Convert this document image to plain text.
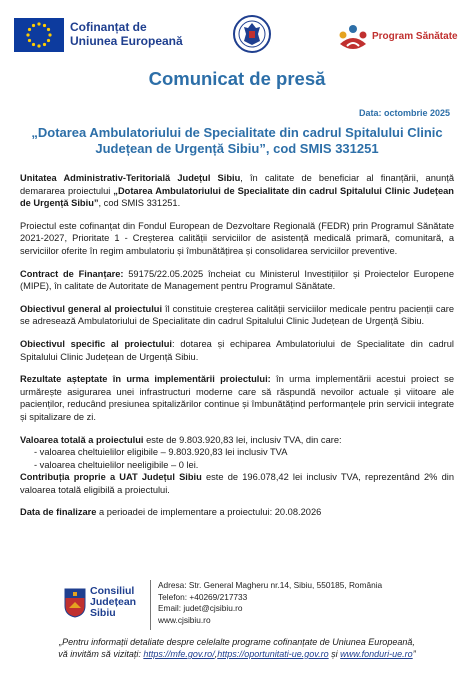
Cofinanțat de
Uniunea Europeană	Program Sănătate
Comunicat de presă
Data: octombrie 2025
„Dotarea Ambulatoriului de Specialitate din cadrul Spitalului Clinic Județean de Urgență Sibiu”, cod SMIS 331251

Unitatea Administrativ-Teritorială Județul Sibiu, în calitate de beneficiar al finanțării, anunță demararea proiectului „Dotarea Ambulatoriului de Specialitate din cadrul Spitalului Clinic Județean de Urgență Sibiu”, cod SMIS 331251.

Proiectul este cofinanțat din Fondul European de Dezvoltare Regională (FEDR) prin Programul Sănătate 2021-2027, Prioritate 1 - Creșterea calității serviciilor de asistență medicală primară, comunitară, a serviciilor oferite în regim ambulatoriu și îmbunătățirea și consolidarea serviciilor preventive.

Contract de Finanțare: 59175/22.05.2025 încheiat cu Ministerul Investițiilor și Proiectelor Europene (MIPE), în calitate de Autoritate de Management pentru Programul Sănătate.

Obiectivul general al proiectului îl constituie creșterea calității serviciilor medicale pentru pacienții care se adresează Ambulatoriului de Specialitate din cadrul Spitalului Clinic Județean de Urgență Sibiu.

Obiectivul specific al proiectului: dotarea și echiparea Ambulatoriului de Specialitate din cadrul Spitalului Clinic Județean de Urgență Sibiu.

Rezultate așteptate în urma implementării proiectului: în urma implementării acestui proiect se urmărește asigurarea unei infrastructuri moderne care să răspundă nevoilor actuale și viitoare ale pacienților, reducând presiunea spitalizărilor continue și îmbunătățind performanțele prin servicii integrate și spitalizare de zi.

Valoarea totală a proiectului este de 9.803.920,83 lei, inclusiv TVA, din care:
- valoarea cheltuielilor eligibile – 9.803.920,83 lei inclusiv TVA
- valoarea cheltuielilor neeligibile – 0 lei.
Contribuția proprie a UAT Județul Sibiu este de 196.078,42 lei inclusiv TVA, reprezentând 2% din valoarea totală eligibilă a proiectului.

Data de finalizare a perioadei de implementare a proiectului: 20.08.2026

Consiliul
Județean
Sibiu
Adresa: Str. General Magheru nr.14, Sibiu, 550185, România
Telefon: +40269/217733
Email: judet@cjsibiu.ro
www.cjsibiu.ro
„Pentru informații detaliate despre celelalte programe cofinanțate de Uniunea Europeană,
vă invităm să vizitați: https://mfe.gov.ro/,https://oportunitati-ue.gov.ro și www.fonduri-ue.ro”
